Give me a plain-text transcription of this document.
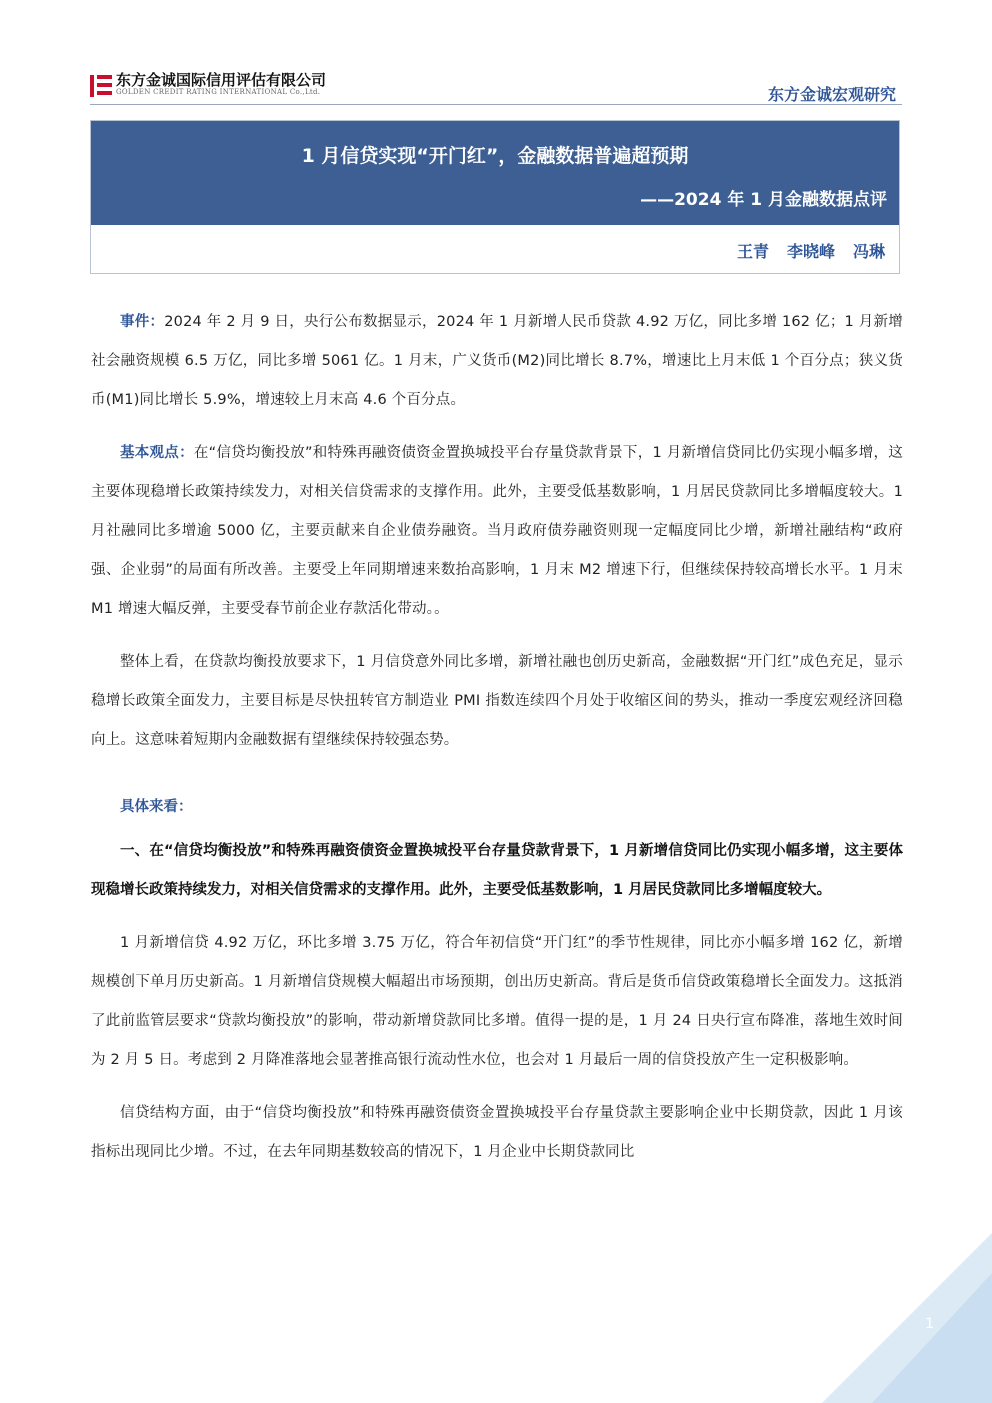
东方金诚国际信用评估有限公司
GOLDEN CREDIT RATING INTERNATIONAL Co.,Ltd.	东方金诚宏观研究
1 月信贷实现“开门红”，金融数据普遍超预期
——2024 年 1 月金融数据点评
王青 李晓峰 冯琳

事件：2024 年 2 月 9 日，央行公布数据显示，2024 年 1 月新增人民币贷款 4.92 万亿，同比多增 162 亿；1 月新增社会融资规模 6.5 万亿，同比多增 5061 亿。1 月末，广义货币(M2)同比增长 8.7%，增速比上月末低 1 个百分点；狭义货币(M1)同比增长 5.9%，增速较上月末高 4.6 个百分点。

基本观点：在“信贷均衡投放”和特殊再融资债资金置换城投平台存量贷款背景下，1 月新增信贷同比仍实现小幅多增，这主要体现稳增长政策持续发力，对相关信贷需求的支撑作用。此外，主要受低基数影响，1 月居民贷款同比多增幅度较大。1 月社融同比多增逾 5000 亿，主要贡献来自企业债券融资。当月政府债券融资则现一定幅度同比少增，新增社融结构“政府强、企业弱”的局面有所改善。主要受上年同期增速来数抬高影响，1 月末 M2 增速下行，但继续保持较高增长水平。1 月末 M1 增速大幅反弹，主要受春节前企业存款活化带动。。

整体上看，在贷款均衡投放要求下，1 月信贷意外同比多增，新增社融也创历史新高，金融数据“开门红”成色充足，显示稳增长政策全面发力，主要目标是尽快扭转官方制造业 PMI 指数连续四个月处于收缩区间的势头，推动一季度宏观经济回稳向上。这意味着短期内金融数据有望继续保持较强态势。

具体来看：

一、在“信贷均衡投放”和特殊再融资债资金置换城投平台存量贷款背景下，1 月新增信贷同比仍实现小幅多增，这主要体现稳增长政策持续发力，对相关信贷需求的支撑作用。此外，主要受低基数影响，1 月居民贷款同比多增幅度较大。

1 月新增信贷 4.92 万亿，环比多增 3.75 万亿，符合年初信贷“开门红”的季节性规律，同比亦小幅多增 162 亿，新增规模创下单月历史新高。1 月新增信贷规模大幅超出市场预期，创出历史新高。背后是货币信贷政策稳增长全面发力。这抵消了此前监管层要求“贷款均衡投放”的影响，带动新增贷款同比多增。值得一提的是，1 月 24 日央行宣布降准，落地生效时间为 2 月 5 日。考虑到 2 月降准落地会显著推高银行流动性水位，也会对 1 月最后一周的信贷投放产生一定积极影响。

信贷结构方面，由于“信贷均衡投放”和特殊再融资债资金置换城投平台存量贷款主要影响企业中长期贷款，因此 1 月该指标出现同比少增。不过，在去年同期基数较高的情况下，1 月企业中长期贷款同比

1
